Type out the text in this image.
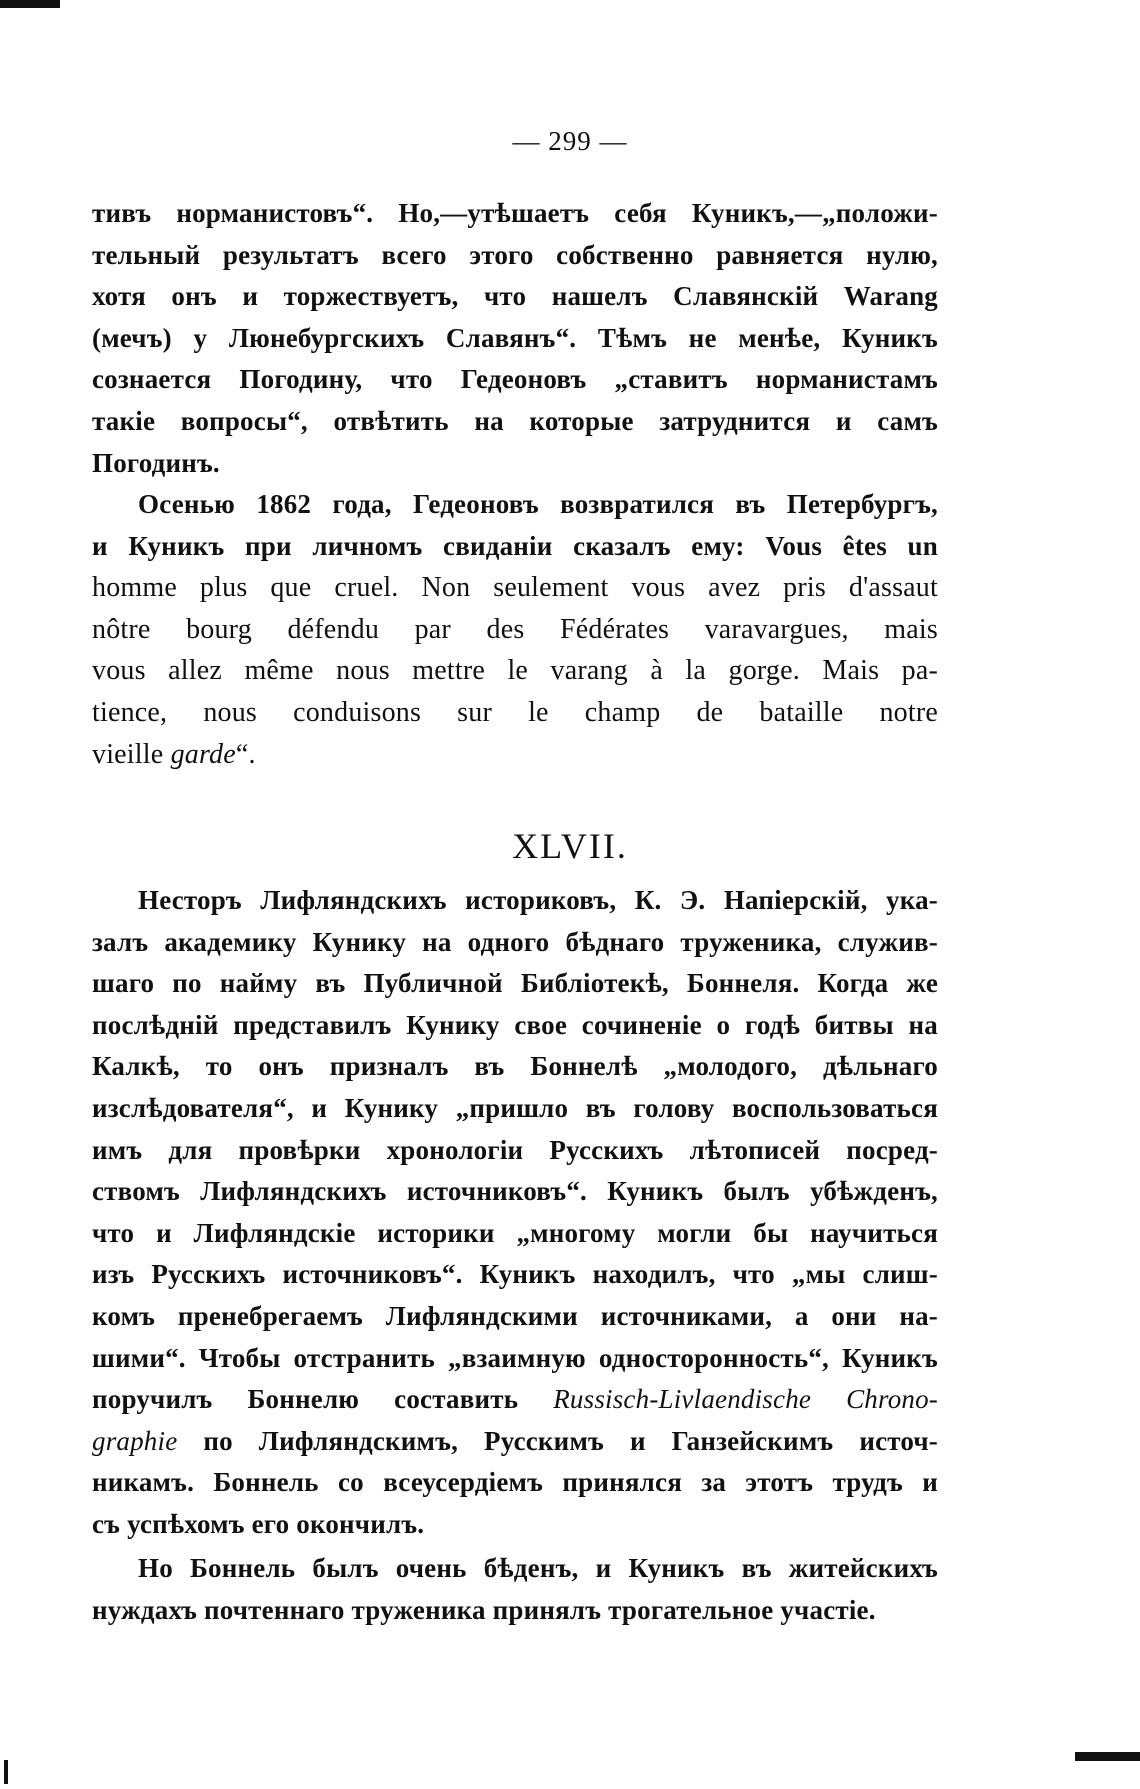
— 299 —
тивъ норманистовъ“. Но,—утѣшаетъ себя Куникъ,—„положи-
тельный результатъ всего этого собственно равняется нулю,
хотя онъ и торжествуетъ, что нашелъ Славянскій Warang
(мечъ) у Люнебургскихъ Славянъ“. Тѣмъ не менѣе, Куникъ
сознается Погодину, что Гедеоновъ „ставитъ норманистамъ
такіе вопросы“, отвѣтить на которые затруднится и самъ
Погодинъ.
Осенью 1862 года, Гедеоновъ возвратился въ Петербургъ,
и Куникъ при личномъ свиданіи сказалъ ему: Vous êtes un
homme plus que cruel. Non seulement vous avez pris d'assaut
nôtre bourg défendu par des Fédérates varavargues, mais
vous allez même nous mettre le varang à la gorge. Mais pa-
tience, nous conduisons sur le champ de bataille notre
vieille garde“.
XLVII.
Несторъ Лифляндскихъ историковъ, К. Э. Напіерскій, ука-
залъ академику Кунику на одного бѣднаго труженика, служив-
шаго по найму въ Публичной Библіотекѣ, Боннеля. Когда же
послѣдній представилъ Кунику свое сочиненіе о годѣ битвы на
Калкѣ, то онъ призналъ въ Боннелѣ „молодого, дѣльнаго
изслѣдователя“, и Кунику „пришло въ голову воспользоваться
имъ для провѣрки хронологіи Русскихъ лѣтописей посред-
ствомъ Лифляндскихъ источниковъ“. Куникъ былъ убѣжденъ,
что и Лифляндскіе историки „многому могли бы научиться
изъ Русскихъ источниковъ“. Куникъ находилъ, что „мы слиш-
комъ пренебрегаемъ Лифляндскими источниками, а они на-
шими“. Чтобы отстранить „взаимную односторонность“, Куникъ
поручилъ Боннелю составить Russisch-Livlaendische Chrono-
graphie по Лифляндскимъ, Русскимъ и Ганзейскимъ источ-
никамъ. Боннель со всеусердіемъ принялся за этотъ трудъ и
съ успѣхомъ его окончилъ.
Но Боннель былъ очень бѣденъ, и Куникъ въ житейскихъ
нуждахъ почтеннаго труженика принялъ трогательное участіе.
